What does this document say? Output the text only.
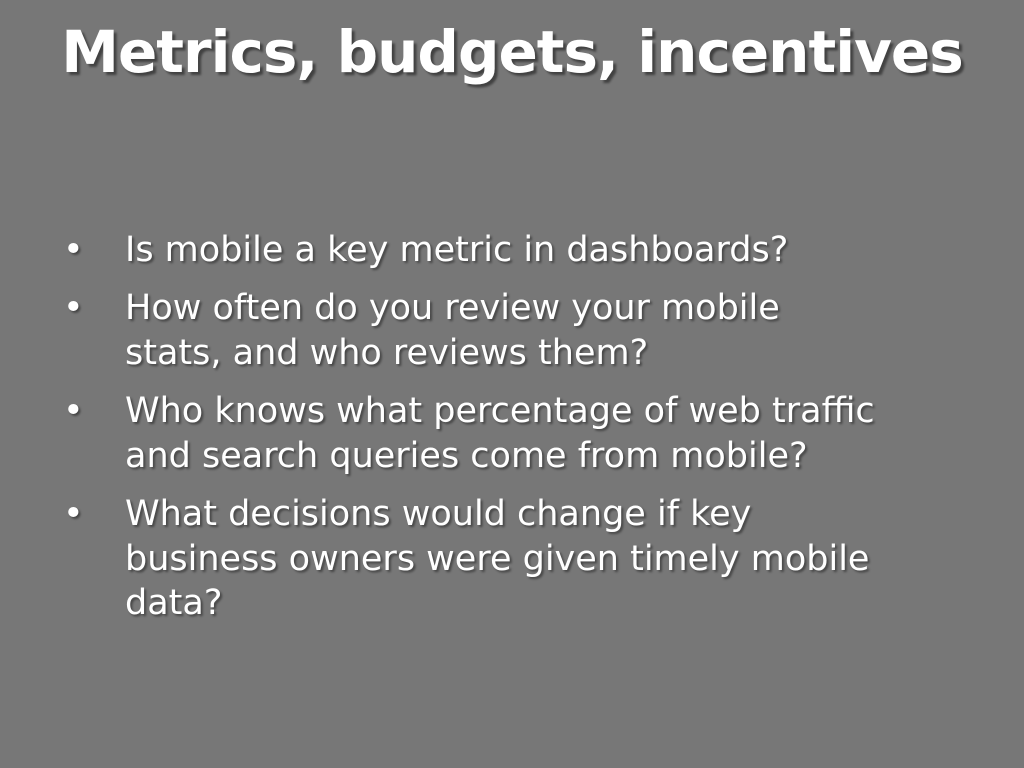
Metrics, budgets, incentives
• Is mobile a key metric in dashboards?
• How often do you review your mobile stats, and who reviews them?
• Who knows what percentage of web traffic and search queries come from mobile?
• What decisions would change if key business owners were given timely mobile data?
